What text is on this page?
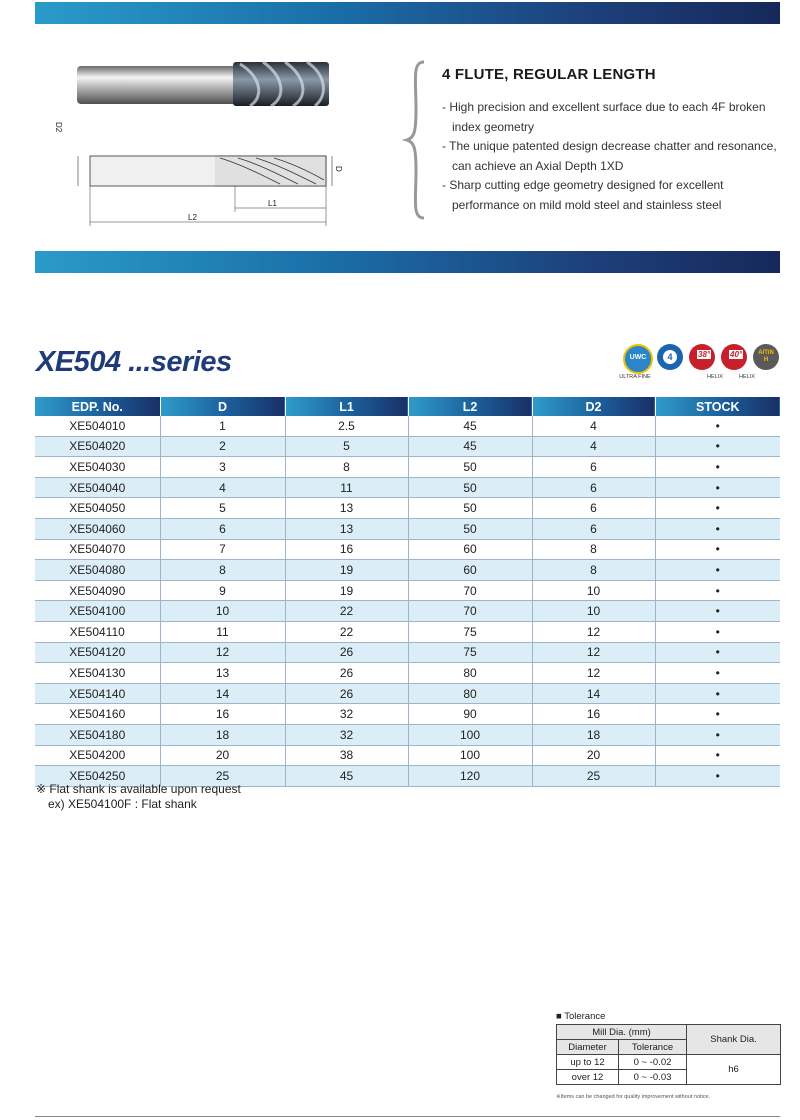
D2
D
L1
L2
4 FLUTE, REGULAR LENGTH
- High precision and excellent surface due to each 4F broken index geometry
- The unique patented design decrease chatter and resonance, can achieve an Axial Depth 1XD
- Sharp cutting edge geometry designed for excellent performance on mild mold steel and stainless steel
XE504 ...series	UWC
ULTRA FINE
4	38°
HELIX
40°
HELIX
AlTiN H
EDP. No.	D	L1	L2	D2	STOCK
XE504010	1	2.5	45	4	•
XE504020	2	5	45	4	•
XE504030	3	8	50	6	•
XE504040	4	11	50	6	•
XE504050	5	13	50	6	•
XE504060	6	13	50	6	•
XE504070	7	16	60	8	•
XE504080	8	19	60	8	•
XE504090	9	19	70	10	•
XE504100	10	22	70	10	•
XE504110	11	22	75	12	•
XE504120	12	26	75	12	•
XE504130	13	26	80	12	•
XE504140	14	26	80	14	•
XE504160	16	32	90	16	•
XE504180	18	32	100	18	•
XE504200	20	38	100	20	•
XE504250	25	45	120	25	•
※ Flat shank is available upon request
ex) XE504100F : Flat shank
■ Tolerance
Mill Dia. (mm)		Shank Dia.
Diameter	Tolerance	
up to 12	0 ~ -0.02	h6
over 12	0 ~ -0.03	
※Items can be changed for quality improvement without notice.
